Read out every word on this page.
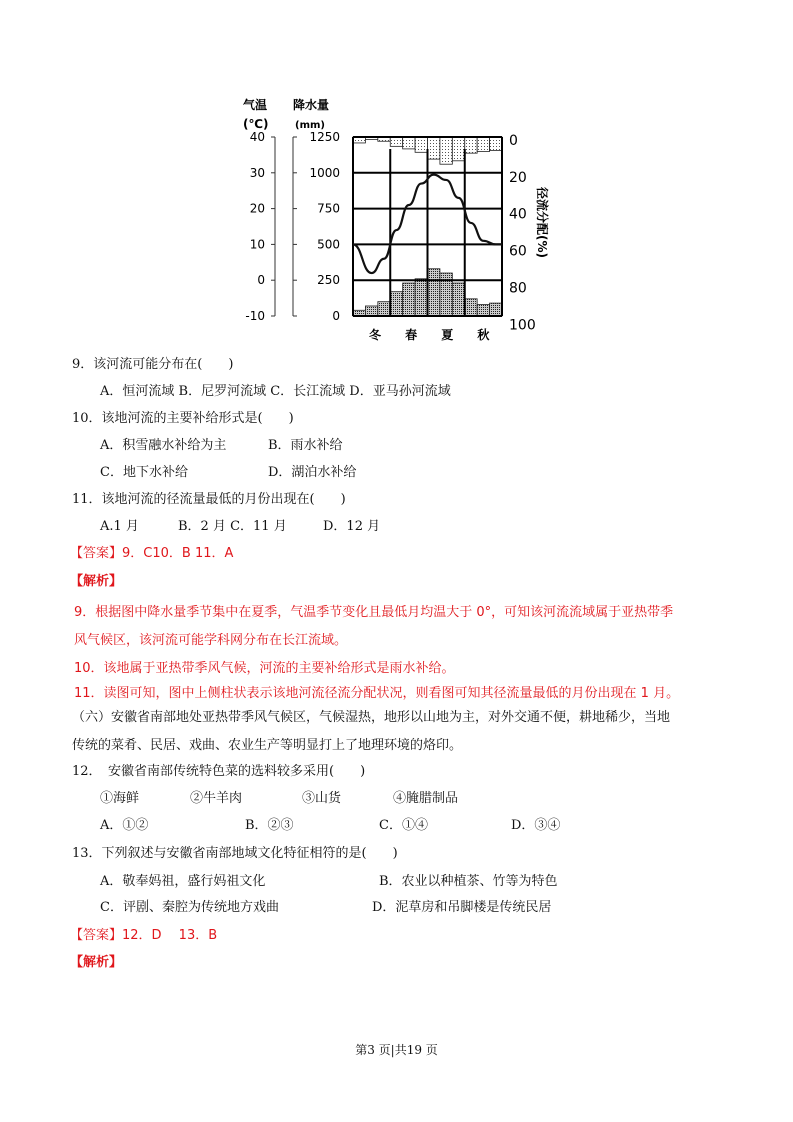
气温
(℃)
降水量
(mm)
40
30
20
10
0
-10
1250
1000
750
500
250
0
0
20
40
60
80
100
径流分配(%)
冬 春 夏 秋
9．该河流可能分布在(　　)
A．恒河流域 B．尼罗河流域 C．长江流域 D．亚马孙河流域
10．该地河流的主要补给形式是(　　)
A．积雪融水补给为主	B．雨水补给
C．地下水补给	D．湖泊水补给
11．该地河流的径流量最低的月份出现在(　　)
A.1 月	B．2 月 C．11 月	D．12 月
【答案】9．C10．B 11．A
【解析】
9．根据图中降水量季节集中在夏季，气温季节变化且最低月均温大于 0°，可知该河流流域属于亚热带季
风气候区，该河流可能学科网分布在长江流域。
10．该地属于亚热带季风气候，河流的主要补给形式是雨水补给。
11．读图可知，图中上侧柱状表示该地河流径流分配状况，则看图可知其径流量最低的月份出现在 1 月。
（六）安徽省南部地处亚热带季风气候区，气候湿热，地形以山地为主，对外交通不便，耕地稀少，当地
传统的菜肴、民居、戏曲、农业生产等明显打上了地理环境的烙印。
12．　安徽省南部传统特色菜的选料较多采用(　　)
①海鲜	②牛羊肉	③山货	④腌腊制品
A．①②	B．②③	C．①④	D．③④
13．下列叙述与安徽省南部地域文化特征相符的是(　　)
A．敬奉妈祖，盛行妈祖文化	B．农业以种植茶、竹等为特色
C．评剧、秦腔为传统地方戏曲	D．泥草房和吊脚楼是传统民居
【答案】12．D　 13．B
【解析】
第3 页|共19 页
